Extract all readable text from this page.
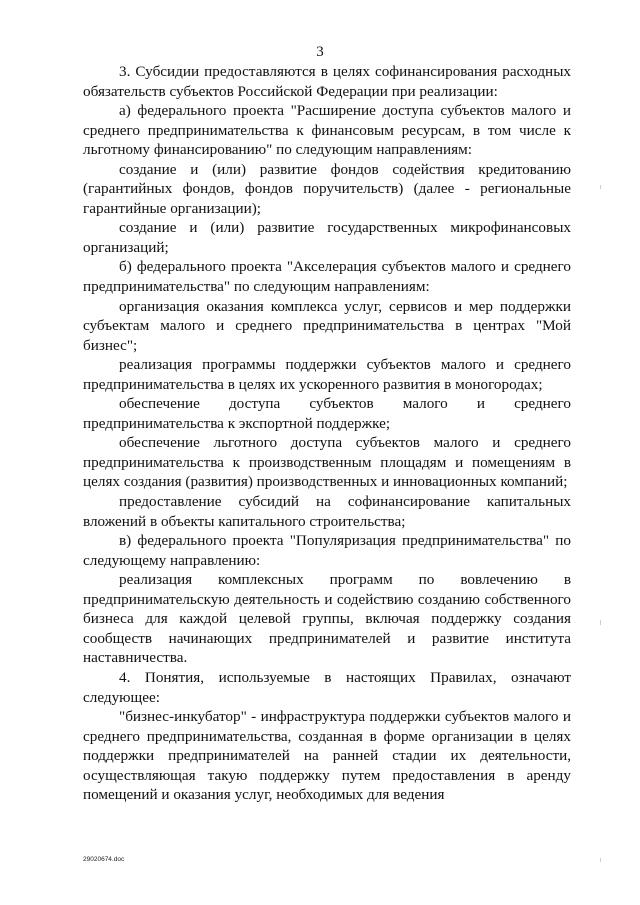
3

3. Субсидии предоставляются в целях софинансирования расходных обязательств субъектов Российской Федерации при реализации:

а) федерального проекта "Расширение доступа субъектов малого и среднего предпринимательства к финансовым ресурсам, в том числе к льготному финансированию" по следующим направлениям:

создание и (или) развитие фондов содействия кредитованию (гарантийных фондов, фондов поручительств) (далее - региональные гарантийные организации);

создание и (или) развитие государственных микрофинансовых организаций;

б) федерального проекта "Акселерация субъектов малого и среднего предпринимательства" по следующим направлениям:

организация оказания комплекса услуг, сервисов и мер поддержки субъектам малого и среднего предпринимательства в центрах "Мой бизнес";

реализация программы поддержки субъектов малого и среднего предпринимательства в целях их ускоренного развития в моногородах;

обеспечение доступа субъектов малого и среднего предпринимательства к экспортной поддержке;

обеспечение льготного доступа субъектов малого и среднего предпринимательства к производственным площадям и помещениям в целях создания (развития) производственных и инновационных компаний;

предоставление субсидий на софинансирование капитальных вложений в объекты капитального строительства;

в) федерального проекта "Популяризация предпринимательства" по следующему направлению:

реализация комплексных программ по вовлечению в предпринимательскую деятельность и содействию созданию собственного бизнеса для каждой целевой группы, включая поддержку создания сообществ начинающих предпринимателей и развитие института наставничества.

4. Понятия, используемые в настоящих Правилах, означают следующее:

"бизнес-инкубатор" - инфраструктура поддержки субъектов малого и среднего предпринимательства, созданная в форме организации в целях поддержки предпринимателей на ранней стадии их деятельности, осуществляющая такую поддержку путем предоставления в аренду помещений и оказания услуг, необходимых для ведения

29020674.doc
